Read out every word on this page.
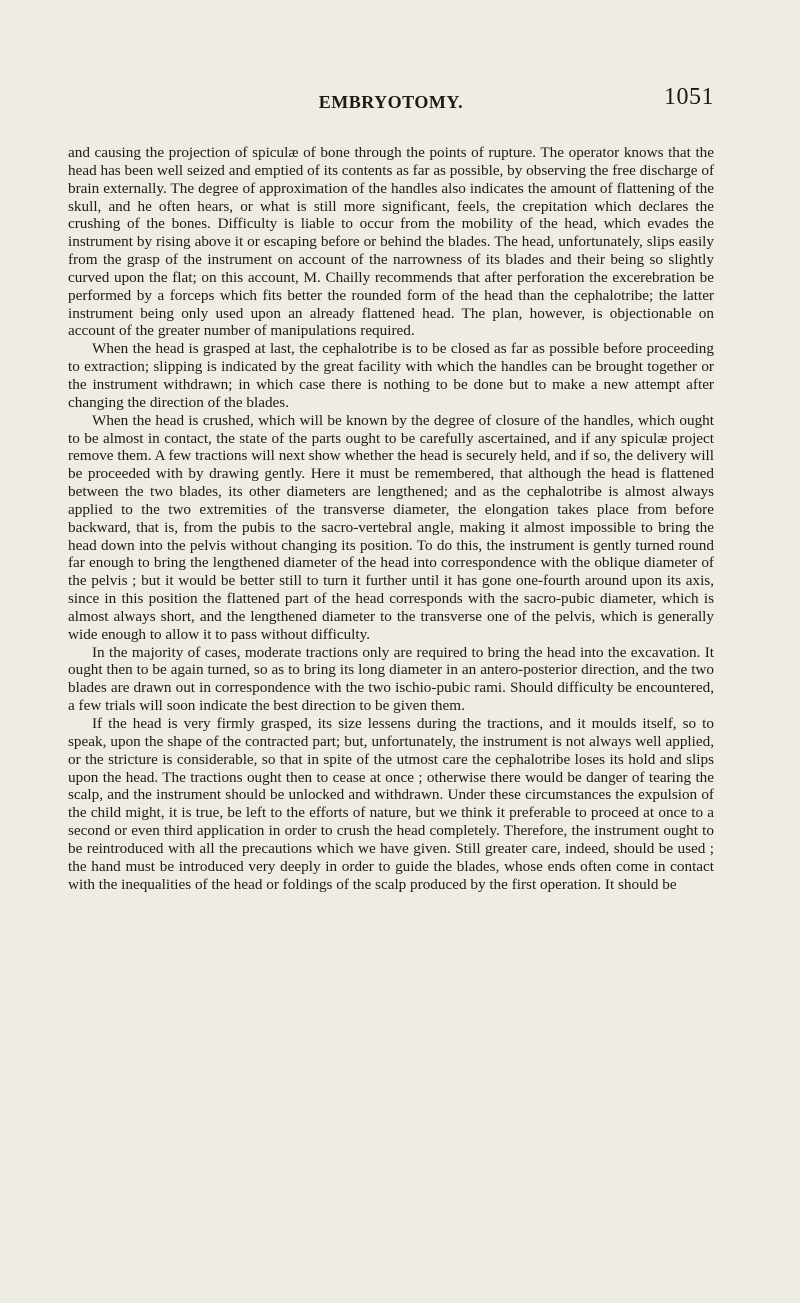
EMBRYOTOMY.	1051

and causing the projection of spiculæ of bone through the points of rupture. The operator knows that the head has been well seized and emptied of its contents as far as possible, by observing the free discharge of brain externally. The degree of approximation of the handles also indicates the amount of flattening of the skull, and he often hears, or what is still more significant, feels, the crepitation which declares the crushing of the bones. Difficulty is liable to occur from the mobility of the head, which evades the instrument by rising above it or escaping before or behind the blades. The head, unfortunately, slips easily from the grasp of the instrument on account of the narrowness of its blades and their being so slightly curved upon the flat; on this account, M. Chailly recommends that after perforation the excerebration be performed by a forceps which fits better the rounded form of the head than the cephalotribe; the latter instrument being only used upon an already flattened head. The plan, however, is objectionable on account of the greater number of manipulations required.

When the head is grasped at last, the cephalotribe is to be closed as far as possible before proceeding to extraction; slipping is indicated by the great facility with which the handles can be brought together or the instrument withdrawn; in which case there is nothing to be done but to make a new attempt after changing the direction of the blades.

When the head is crushed, which will be known by the degree of closure of the handles, which ought to be almost in contact, the state of the parts ought to be carefully ascertained, and if any spiculæ project remove them. A few tractions will next show whether the head is securely held, and if so, the delivery will be proceeded with by drawing gently. Here it must be remembered, that although the head is flattened between the two blades, its other diameters are lengthened; and as the cephalotribe is almost always applied to the two extremities of the transverse diameter, the elongation takes place from before backward, that is, from the pubis to the sacro-vertebral angle, making it almost impossible to bring the head down into the pelvis without changing its position. To do this, the instrument is gently turned round far enough to bring the lengthened diameter of the head into correspondence with the oblique diameter of the pelvis ; but it would be better still to turn it further until it has gone one-fourth around upon its axis, since in this position the flattened part of the head corresponds with the sacro-pubic diameter, which is almost always short, and the lengthened diameter to the transverse one of the pelvis, which is generally wide enough to allow it to pass without difficulty.

In the majority of cases, moderate tractions only are required to bring the head into the excavation. It ought then to be again turned, so as to bring its long diameter in an antero-posterior direction, and the two blades are drawn out in correspondence with the two ischio-pubic rami. Should difficulty be encountered, a few trials will soon indicate the best direction to be given them.

If the head is very firmly grasped, its size lessens during the tractions, and it moulds itself, so to speak, upon the shape of the contracted part; but, unfortunately, the instrument is not always well applied, or the stricture is considerable, so that in spite of the utmost care the cephalotribe loses its hold and slips upon the head. The tractions ought then to cease at once ; otherwise there would be danger of tearing the scalp, and the instrument should be unlocked and withdrawn. Under these circumstances the expulsion of the child might, it is true, be left to the efforts of nature, but we think it preferable to proceed at once to a second or even third application in order to crush the head completely. Therefore, the instrument ought to be reintroduced with all the precautions which we have given. Still greater care, indeed, should be used ; the hand must be introduced very deeply in order to guide the blades, whose ends often come in contact with the inequalities of the head or foldings of the scalp produced by the first operation. It should be
